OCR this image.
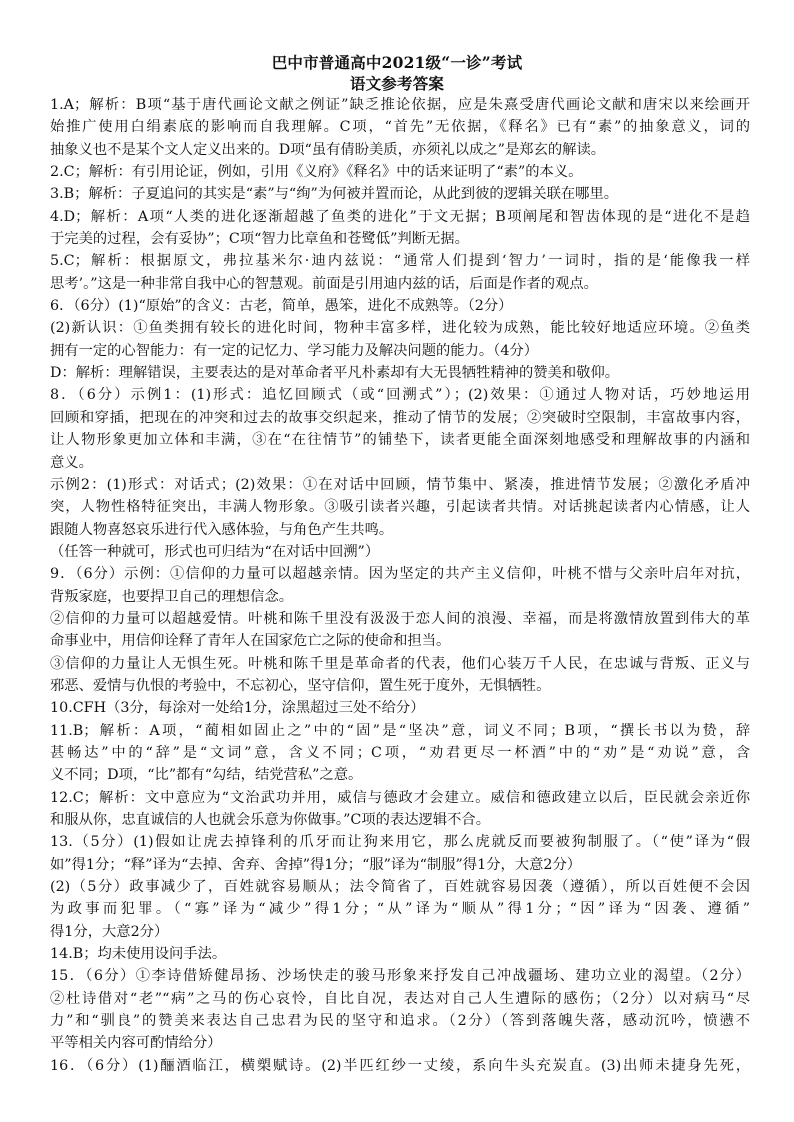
巴中市普通高中2021级“一诊”考试
语文参考答案
1.A；解析：B项“基于唐代画论文献之例证”缺乏推论依据，应是朱熹受唐代画论文献和唐宋以来绘画开
始推广使用白绢素底的影响而自我理解。C项，“首先”无依据，《释名》已有“素”的抽象意义，词的
抽象义也不是某个文人定义出来的。D项“虽有倩盼美质，亦须礼以成之”是郑玄的解读。
2.C；解析：有引用论证，例如，引用《义府》《释名》中的话来证明了“素”的本义。
3.B；解析：子夏追问的其实是“素”与“绚”为何被并置而论，从此到彼的逻辑关联在哪里。
4.D；解析：A项“人类的进化逐渐超越了鱼类的进化”于文无据；B项阐尾和智齿体现的是“进化不是趋
于完美的过程，会有妥协”；C项“智力比章鱼和苍鹭低”判断无据。
5.C；解析：根据原文，弗拉基米尔·迪内兹说：“通常人们提到‘智力’一词时，指的是‘能像我一样
思考’。”这是一种非常自我中心的智慧观。前面是引用迪内兹的话，后面是作者的观点。
6．（6分）(1)“原始”的含义：古老，简单，愚笨，进化不成熟等。（2分）
(2)新认识：①鱼类拥有较长的进化时间，物种丰富多样，进化较为成熟，能比较好地适应环境。②鱼类
拥有一定的心智能力：有一定的记忆力、学习能力及解决问题的能力。（4分）
D：解析：理解错误，主要表达的是对革命者平凡朴素却有大无畏牺牲精神的赞美和敬仰。
8．（6分）示例1：(1)形式：追忆回顾式（或“回溯式”）；(2)效果：①通过人物对话，巧妙地运用
回顾和穿插，把现在的冲突和过去的故事交织起来，推动了情节的发展；②突破时空限制，丰富故事内容，
让人物形象更加立体和丰满，③在“在往情节”的铺垫下，读者更能全面深刻地感受和理解故事的内涵和
意义。
示例2：(1)形式：对话式；(2)效果：①在对话中回顾，情节集中、紧凑，推进情节发展；②激化矛盾冲
突，人物性格特征突出，丰满人物形象。③吸引读者兴趣，引起读者共情。对话挑起读者内心情感，让人
跟随人物喜怒哀乐进行代入感体验，与角色产生共鸣。
（任答一种就可，形式也可归结为“在对话中回溯”）
9．（6分）示例：①信仰的力量可以超越亲情。因为坚定的共产主义信仰，叶桃不惜与父亲叶启年对抗，
背叛家庭，也要捍卫自己的理想信念。
②信仰的力量可以超越爱情。叶桃和陈千里没有汲汲于恋人间的浪漫、幸福，而是将激情放置到伟大的革
命事业中，用信仰诠释了青年人在国家危亡之际的使命和担当。
③信仰的力量让人无惧生死。叶桃和陈千里是革命者的代表，他们心装万千人民，在忠诚与背叛、正义与
邪恶、爱情与仇恨的考验中，不忘初心，坚守信仰，置生死于度外，无惧牺牲。
10.CFH（3分，每涂对一处给1分，涂黑超过三处不给分）
11.B；解析：A项，“蔺相如固止之”中的“固”是“坚决”意，词义不同；B项，“撰长书以为贽，辞
甚畅达”中的“辞”是“文词”意，含义不同；C项，“劝君更尽一杯酒”中的“劝”是“劝说”意，含
义不同；D项，“比”都有“勾结，结党营私”之意。
12.C；解析：文中意应为“文治武功并用，威信与德政才会建立。威信和德政建立以后，臣民就会亲近你
和服从你，忠直诚信的人也就会乐意为你做事。”C项的表达逻辑不合。
13.（5分）(1)假如让虎去掉锋利的爪牙而让狗来用它，那么虎就反而要被狗制服了。（“使”译为“假
如”得1分；“释”译为“去掉、舍弃、舍掉”得1分；“服”译为“制服”得1分，大意2分）
(2)（5分）政事减少了，百姓就容易顺从；法令简省了，百姓就容易因袭（遵循），所以百姓便不会因
为政事而犯罪。（“寡”译为“减少”得1分；“从”译为“顺从”得1分；“因”译为“因袭、遵循”
得1分，大意2分）
14.B；均未使用设问手法。
15．（6分）①李诗借矫健昂扬、沙场快走的骏马形象来抒发自己冲战疆场、建功立业的渴望。（2分）
②杜诗借对“老”“病”之马的伤心哀怜，自比自况，表达对自己人生遭际的感伤；（2分）以对病马“尽
力”和“驯良”的赞美来表达自己忠君为民的坚守和追求。（2分）（答到落魄失落，感动沉吟，愤懑不
平等相关内容可酌情给分）
16．（6分）(1)酾酒临江，横槊赋诗。(2)半匹红纱一丈绫，系向牛头充炭直。(3)出师未捷身先死，
